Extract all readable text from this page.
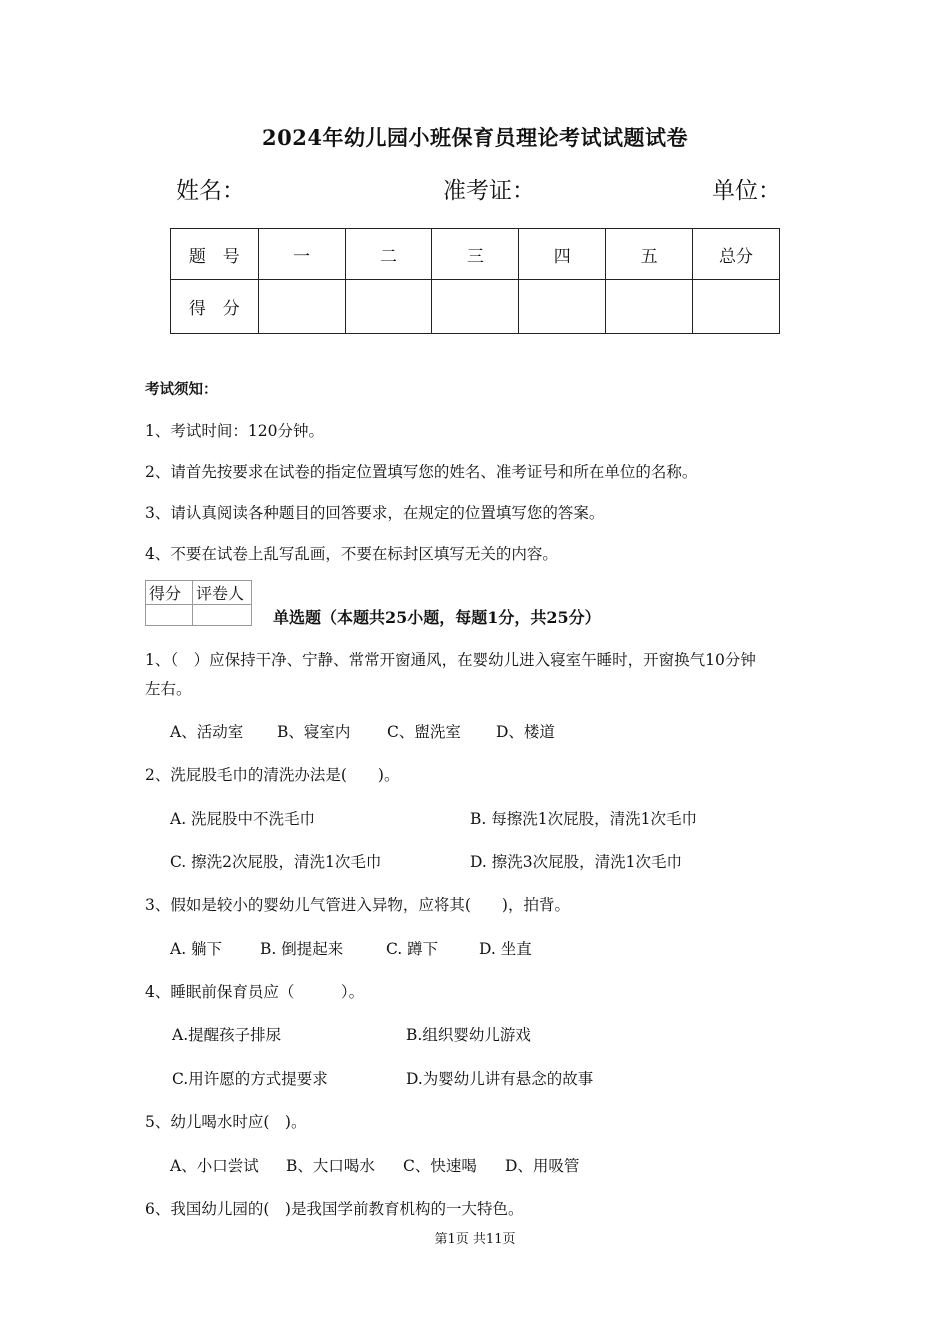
2024年幼儿园小班保育员理论考试试题试卷
姓名：	准考证：	单位：
题　号	一	二	三	四	五	总分
得　分						
考试须知：
1、考试时间：120分钟。
2、请首先按要求在试卷的指定位置填写您的姓名、准考证号和所在单位的名称。
3、请认真阅读各种题目的回答要求，在规定的位置填写您的答案。
4、不要在试卷上乱写乱画，不要在标封区填写无关的内容。
得分	评卷人

单选题（本题共25小题，每题1分，共25分）
1、（　）应保持干净、宁静、常常开窗通风，在婴幼儿进入寝室午睡时，开窗换气10分钟
左右。
A、活动室 B、寝室内 C、盥洗室 D、楼道
2、洗屁股毛巾的清洗办法是(　　)。
A. 洗屁股中不洗毛巾	B. 每擦洗1次屁股，清洗1次毛巾
C. 擦洗2次屁股，清洗1次毛巾	D. 擦洗3次屁股，清洗1次毛巾
3、假如是较小的婴幼儿气管进入异物，应将其(　　)，拍背。
A. 躺下 B. 倒提起来	C. 蹲下	D. 坐直
4、睡眠前保育员应（　　　）。
A.提醒孩子排尿	B.组织婴幼儿游戏
C.用许愿的方式提要求	D.为婴幼儿讲有悬念的故事
5、幼儿喝水时应(　)。
A、小口尝试 B、大口喝水 C、快速喝 D、用吸管
6、我国幼儿园的(　)是我国学前教育机构的一大特色。
第1页 共11页
